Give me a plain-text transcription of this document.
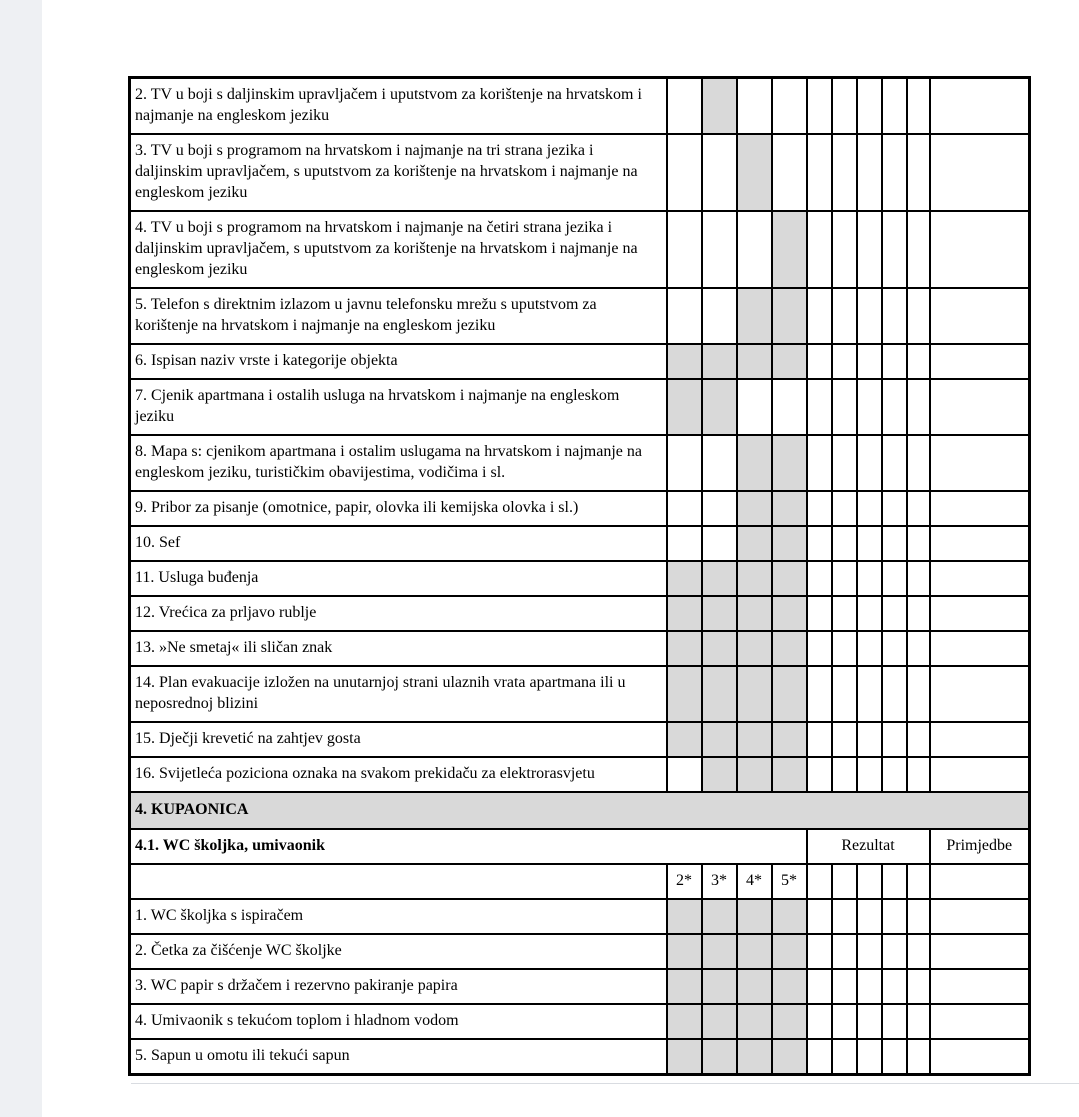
2. TV u boji s daljinskim upravljačem i uputstvom za korištenje na hrvatskom i najmanje na engleskom jeziku										
3. TV u boji s programom na hrvatskom i najmanje na tri strana jezika i daljinskim upravljačem, s uputstvom za korištenje na hrvatskom i najmanje na engleskom jeziku										
4. TV u boji s programom na hrvatskom i najmanje na četiri strana jezika i daljinskim upravljačem, s uputstvom za korištenje na hrvatskom i najmanje na engleskom jeziku										
5. Telefon s direktnim izlazom u javnu telefonsku mrežu s uputstvom za korištenje na hrvatskom i najmanje na engleskom jeziku										
6. Ispisan naziv vrste i kategorije objekta										
7. Cjenik apartmana i ostalih usluga na hrvatskom i najmanje na engleskom jeziku										
8. Mapa s: cjenikom apartmana i ostalim uslugama na hrvatskom i najmanje na engleskom jeziku, turističkim obavijestima, vodičima i sl.										
9. Pribor za pisanje (omotnice, papir, olovka ili kemijska olovka i sl.)										
10. Sef										
11. Usluga buđenja										
12. Vrećica za prljavo rublje										
13. »Ne smetaj« ili sličan znak										
14. Plan evakuacije izložen na unutarnjoj strani ulaznih vrata apartmana ili u neposrednoj blizini										
15. Dječji krevetić na zahtjev gosta										
16. Svijetleća poziciona oznaka na svakom prekidaču za elektrorasvjetu										
4. KUPAONICA										
4.1. WC školjka, umivaonik					Rezultat					Primjedbe
	2*	3*	4*	5*						
1. WC školjka s ispiračem										
2. Četka za čišćenje WC školjke										
3. WC papir s držačem i rezervno pakiranje papira										
4. Umivaonik s tekućom toplom i hladnom vodom										
5. Sapun u omotu ili tekući sapun										
